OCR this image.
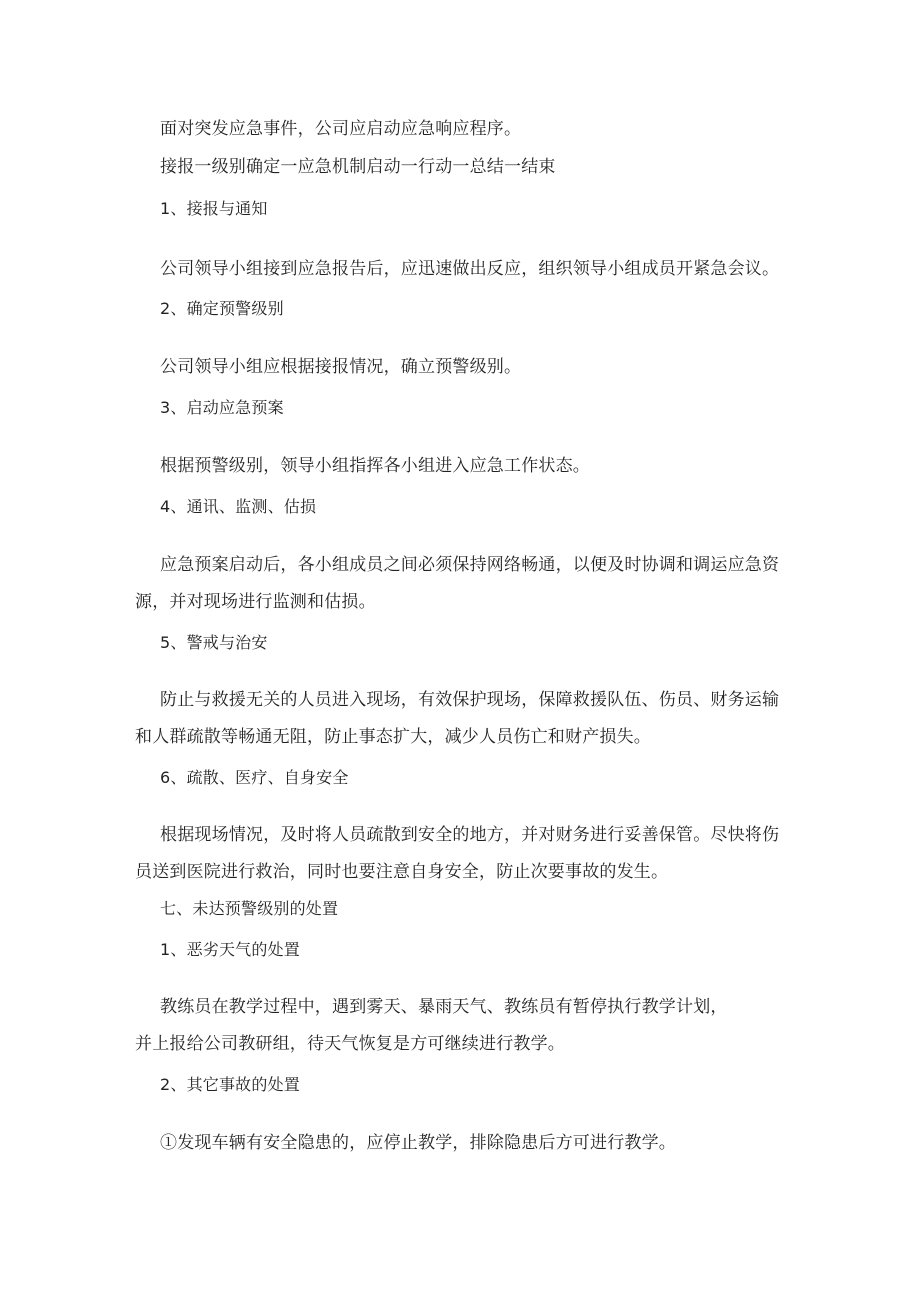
面对突发应急事件，公司应启动应急响应程序。
接报一级别确定一应急机制启动一行动一总结一结束
1、接报与通知
公司领导小组接到应急报告后，应迅速做出反应，组织领导小组成员开紧急会议。
2、确定预警级别
公司领导小组应根据接报情况，确立预警级别。
3、启动应急预案
根据预警级别，领导小组指挥各小组进入应急工作状态。
4、通讯、监测、估损
应急预案启动后，各小组成员之间必须保持网络畅通，以便及时协调和调运应急资
源，并对现场进行监测和估损。
5、警戒与治安
防止与救援无关的人员进入现场，有效保护现场，保障救援队伍、伤员、财务运输
和人群疏散等畅通无阻，防止事态扩大，减少人员伤亡和财产损失。
6、疏散、医疗、自身安全
根据现场情况，及时将人员疏散到安全的地方，并对财务进行妥善保管。尽快将伤
员送到医院进行救治，同时也要注意自身安全，防止次要事故的发生。
七、未达预警级别的处置
1、恶劣天气的处置
教练员在教学过程中，遇到雾天、暴雨天气、教练员有暂停执行教学计划，
并上报给公司教研组，待天气恢复是方可继续进行教学。
2、其它事故的处置
①发现车辆有安全隐患的，应停止教学，排除隐患后方可进行教学。
